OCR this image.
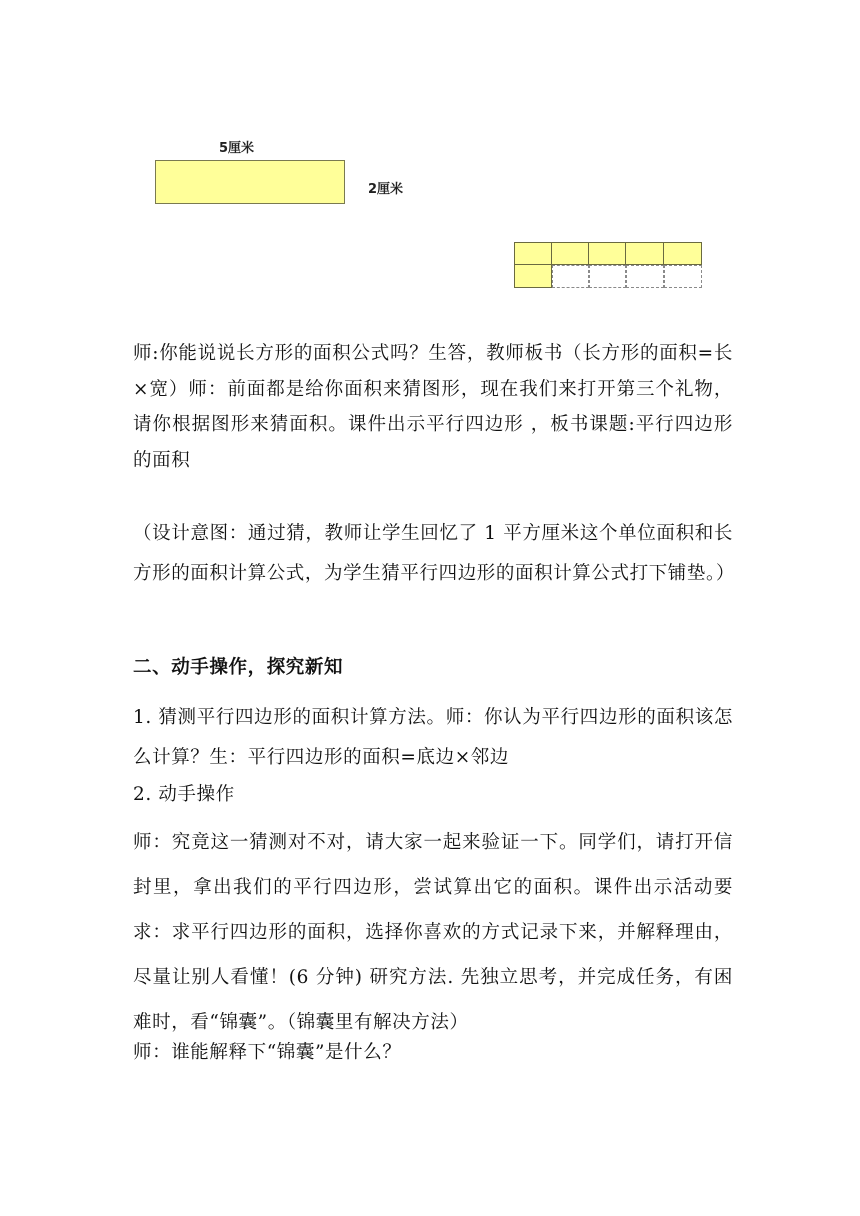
5厘米
2厘米

师:你能说说长方形的面积公式吗？生答，教师板书（长方形的面积=长×宽）师：前面都是给你面积来猜图形，现在我们来打开第三个礼物，请你根据图形来猜面积。课件出示平行四边形 ，板书课题:平行四边形的面积

（设计意图：通过猜，教师让学生回忆了 1 平方厘米这个单位面积和长方形的面积计算公式，为学生猜平行四边形的面积计算公式打下铺垫。）

二、动手操作，探究新知

1. 猜测平行四边形的面积计算方法。师：你认为平行四边形的面积该怎么计算？生：平行四边形的面积=底边×邻边

2. 动手操作

师：究竟这一猜测对不对，请大家一起来验证一下。同学们，请打开信封里，拿出我们的平行四边形，尝试算出它的面积。课件出示活动要求：求平行四边形的面积，选择你喜欢的方式记录下来，并解释理由，尽量让别人看懂！(6 分钟) 研究方法. 先独立思考，并完成任务，有困难时，看“锦囊”。（锦囊里有解决方法）

师：谁能解释下“锦囊”是什么？
